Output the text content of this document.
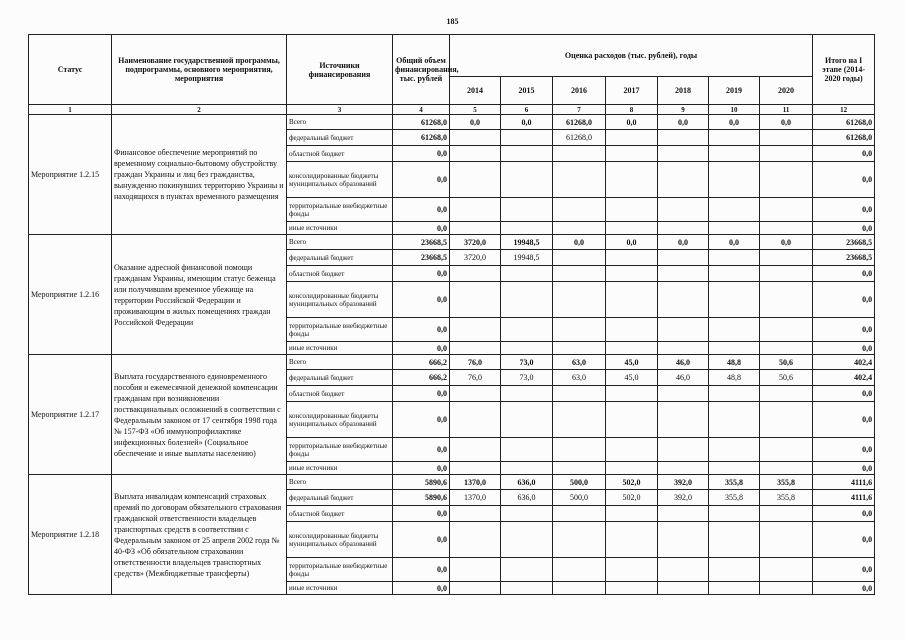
185
Статус	Наименование государственной программы, подпрограммы, основного мероприятия, мероприятия	Источники финансирования	Общий объем финансирования, тыс. рублей	Оценка расходов (тыс. рублей), годы							Итого на I этапе (2014-2020 годы)
				2014	2015	2016	2017	2018	2019	2020	
1	2	3	4	5	6	7	8	9	10	11	12
Мероприятие 1.2.15	Финансовое обеспечение мероприятий по временному социально-бытовому обустройству граждан Украины и лиц без гражданства, вынужденно покинувших территорию Украины и находящихся в пунктах временного размещения	Всего	61268,0	0,0	0,0	61268,0	0,0	0,0	0,0	0,0	61268,0
		федеральный бюджет	61268,0			61268,0					61268,0
		областной бюджет	0,0								0,0
		консолидированные бюджеты муниципальных образований	0,0								0,0
		территориальные внебюджетные фонды	0,0								0,0
		иные источники	0,0								0,0
Мероприятие 1.2.16	Оказание адресной финансовой помощи гражданам Украины, имеющим статус беженца или получившим временное убежище на территории Российской Федерации и проживающим в жилых помещениях граждан Российской Федерации	Всего	23668,5	3720,0	19948,5	0,0	0,0	0,0	0,0	0,0	23668,5
		федеральный бюджет	23668,5	3720,0	19948,5						23668,5
		областной бюджет	0,0								0,0
		консолидированные бюджеты муниципальных образований	0,0								0,0
		территориальные внебюджетные фонды	0,0								0,0
		иные источники	0,0								0,0
Мероприятие 1.2.17	Выплата государственного единовременного пособия и ежемесячной денежной компенсации гражданам при возникновении поствакцинальных осложнений в соответствии с Федеральным законом от 17 сентября 1998 года № 157-ФЗ «Об иммунопрофилактике инфекционных болезней» (Социальное обеспечение и иные выплаты населению)	Всего	666,2	76,0	73,0	63,0	45,0	46,0	48,8	50,6	402,4
		федеральный бюджет	666,2	76,0	73,0	63,0	45,0	46,0	48,8	50,6	402,4
		областной бюджет	0,0								0,0
		консолидированные бюджеты муниципальных образований	0,0								0,0
		территориальные внебюджетные фонды	0,0								0,0
		иные источники	0,0								0,0
Мероприятие 1.2.18	Выплата инвалидам компенсаций страховых премий по договорам обязательного страхования гражданской ответственности владельцев транспортных средств в соответствии с Федеральным законом от 25 апреля 2002 года № 40-ФЗ «Об обязательном страховании ответственности владельцев транспортных средств» (Межбюджетные трансферты)	Всего	5890,6	1370,0	636,0	500,0	502,0	392,0	355,8	355,8	4111,6
		федеральный бюджет	5890,6	1370,0	636,0	500,0	502,0	392,0	355,8	355,8	4111,6
		областной бюджет	0,0								0,0
		консолидированные бюджеты муниципальных образований	0,0								0,0
		территориальные внебюджетные фонды	0,0								0,0
		иные источники	0,0								0,0
